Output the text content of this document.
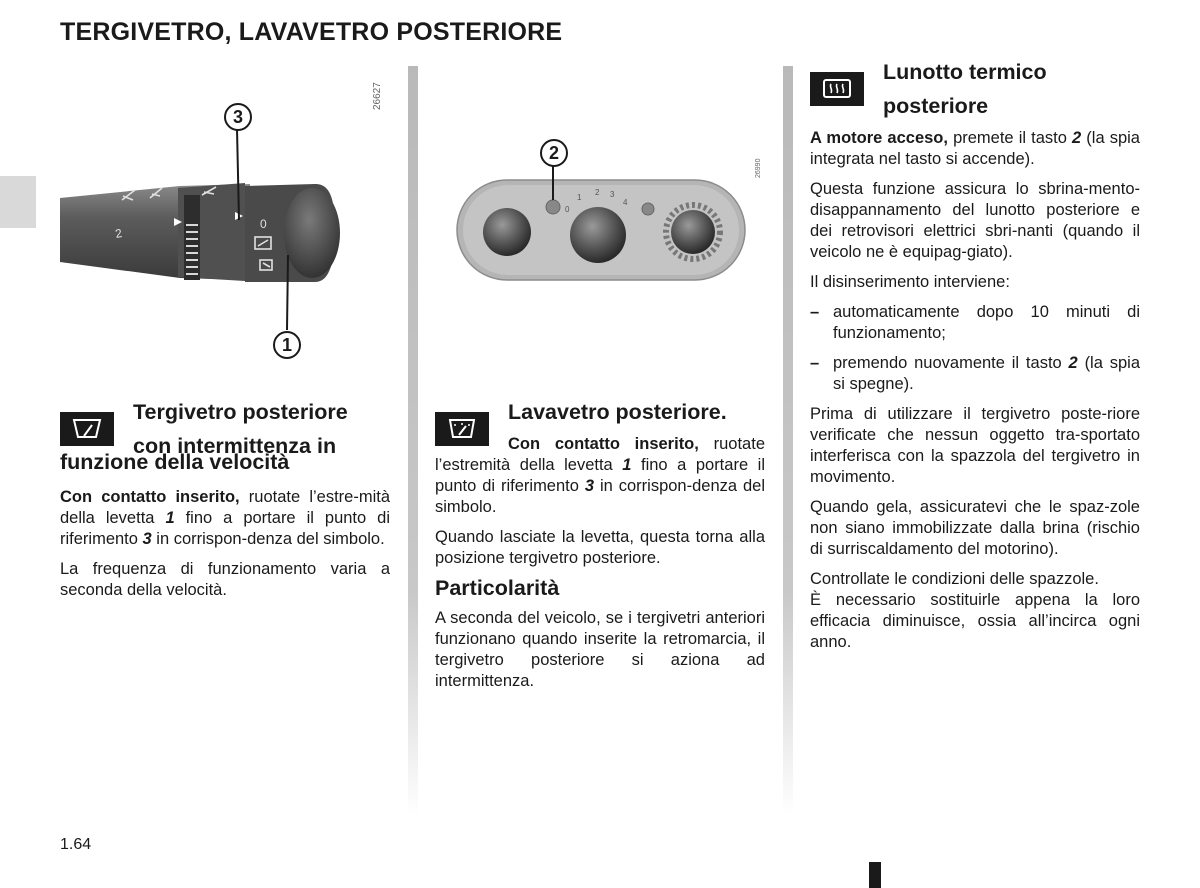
TERGIVETRO, LAVAVETRO POSTERIORE
2
0
3
1
26627
0
1
2 3
4
2
26990

Tergivetro posteriore

con intermittenza in

funzione della velocità

Con contatto inserito, ruotate l’estre-mità della levetta 1 fino a portare il punto di riferimento 3 in corrispon-denza del simbolo.

La frequenza di funzionamento varia a seconda della velocità.

Lavavetro posteriore.

Con contatto inserito, ruotate l’estremità della levetta 1 fino a portare il punto di riferimento 3 in corrispon-denza del simbolo.

Quando lasciate la levetta, questa torna alla posizione tergivetro posteriore.

Particolarità

A seconda del veicolo, se i tergivetri anteriori funzionano quando inserite la retromarcia, il tergivetro posteriore si aziona ad intermittenza.

Lunotto termico

posteriore

A motore acceso, premete il tasto 2 (la spia integrata nel tasto si accende).

Questa funzione assicura lo sbrina-mento-disappannamento del lunotto posteriore e dei retrovisori elettrici sbri-nanti (quando il veicolo ne è equipag-giato).

Il disinserimento interviene:

– automaticamente dopo 10 minuti di funzionamento;
– premendo nuovamente il tasto 2 (la spia si spegne).

Prima di utilizzare il tergivetro poste-riore verificate che nessun oggetto tra-sportato interferisca con la spazzola del tergivetro in movimento.

Quando gela, assicuratevi che le spaz-zole non siano immobilizzate dalla brina (rischio di surriscaldamento del motorino).

Controllate le condizioni delle spazzole.

È necessario sostituirle appena la loro efficacia diminuisce, ossia all’incirca ogni anno.

1.64
